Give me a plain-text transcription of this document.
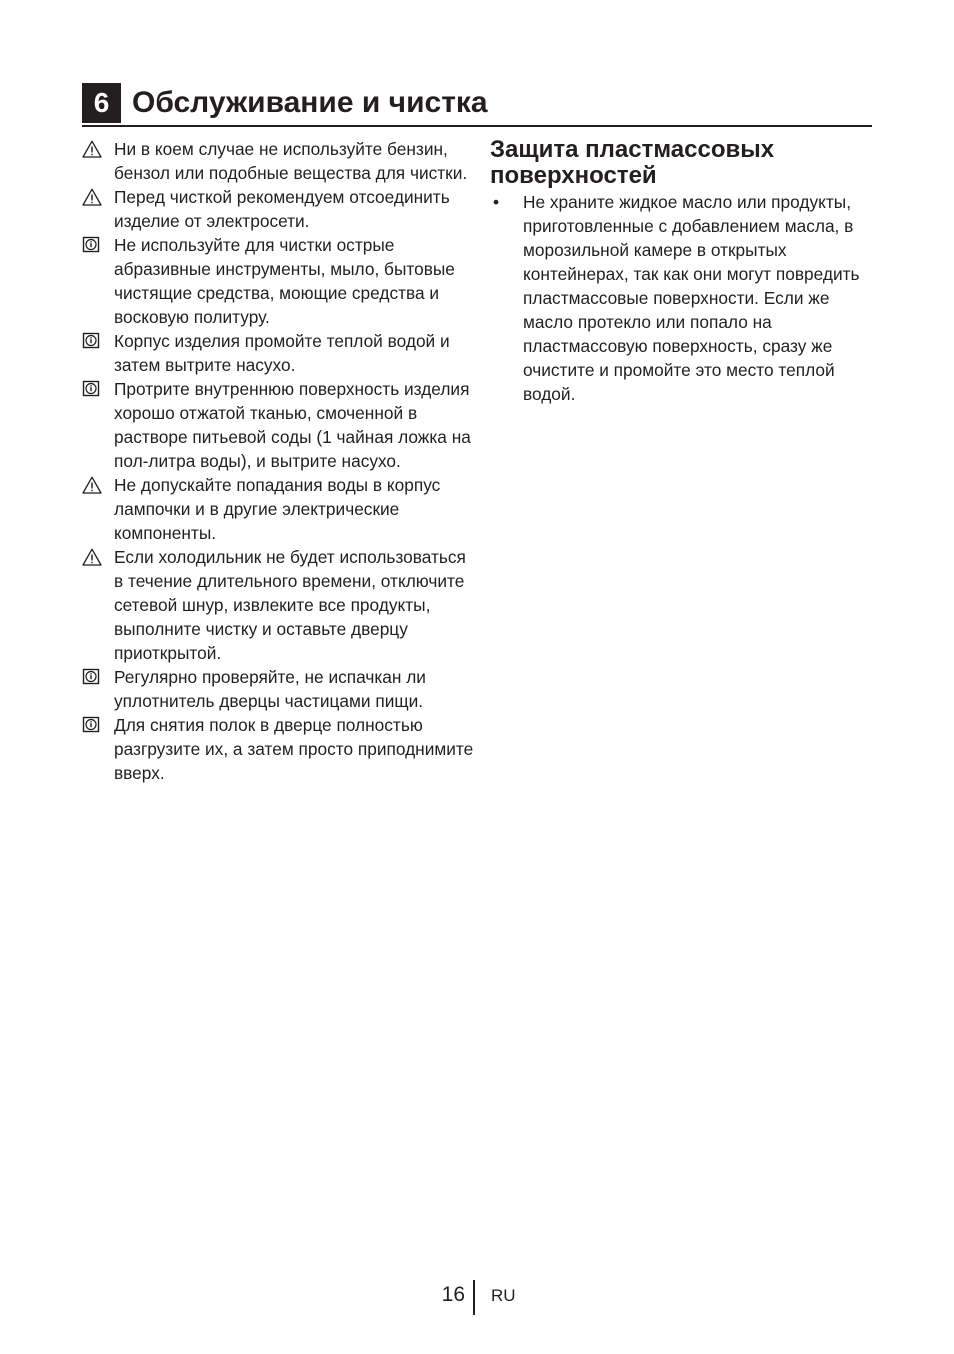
6 Обслуживание и чистка
Ни в коем случае не используйте бензин, бензол или подобные вещества для чистки.
Перед чисткой рекомендуем отсоединить изделие от электросети.
Не используйте для чистки острые абразивные инструменты, мыло, бытовые чистящие средства, моющие средства и восковую политуру.
Корпус изделия промойте теплой водой и затем вытрите насухо.
Протрите внутреннюю поверхность изделия хорошо отжатой тканью, смоченной в растворе питьевой соды (1 чайная ложка на пол-литра воды), и вытрите насухо.
Не допускайте попадания воды в корпус лампочки и в другие электрические компоненты.
Если холодильник не будет использоваться в течение длительного времени, отключите сетевой шнур, извлеките все продукты, выполните чистку и оставьте дверцу приоткрытой.
Регулярно проверяйте, не испачкан ли уплотнитель дверцы частицами пищи.
Для снятия полок в дверце полностью разгрузите их, а затем просто приподнимите вверх.
Защита пластмассовых поверхностей
• Не храните жидкое масло или продукты, приготовленные с добавлением масла, в морозильной камере в открытых контейнерах, так как они могут повредить пластмассовые поверхности. Если же масло протекло или попало на пластмассовую поверхность, сразу же очистите и промойте это место теплой водой.
16 RU
